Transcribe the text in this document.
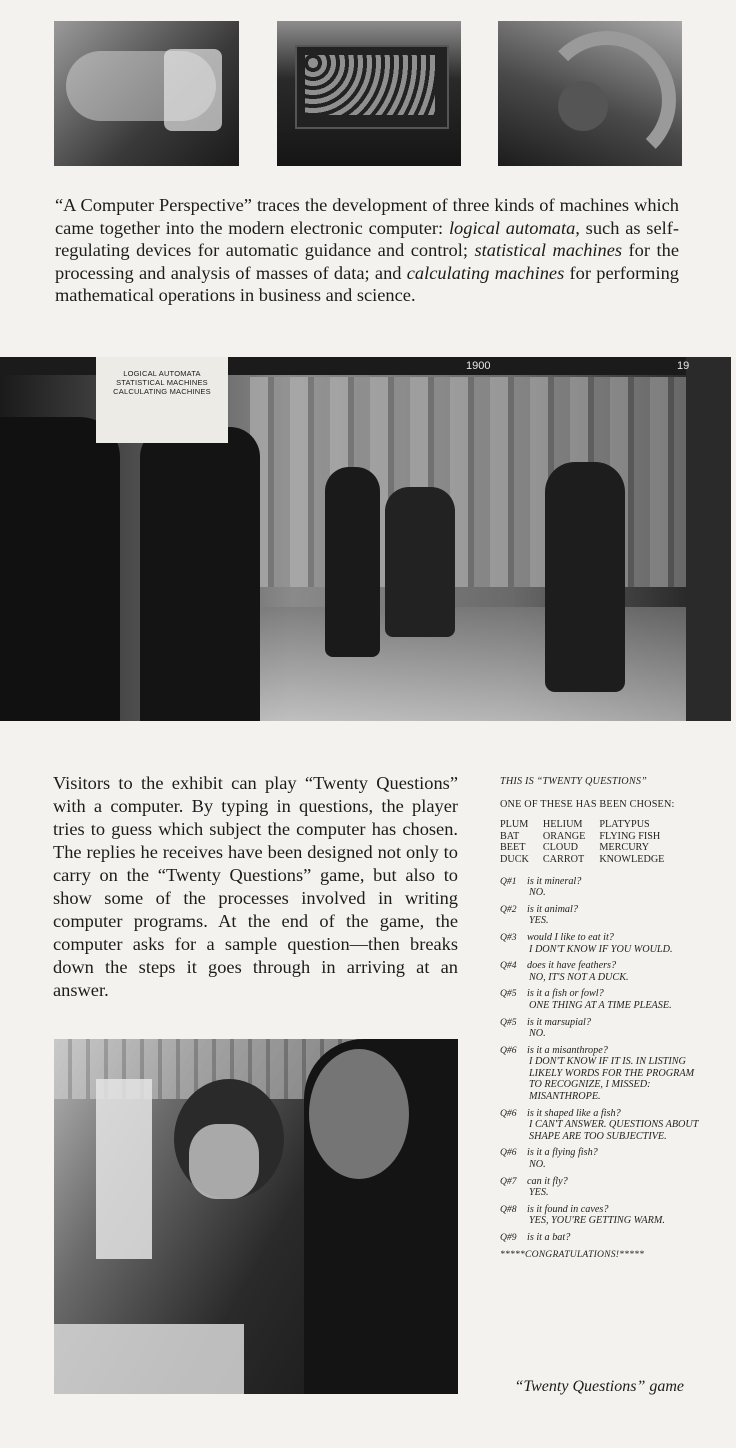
“A Computer Perspective” traces the development of three kinds of machines which came together into the modern electronic computer: logical automata, such as self-regulating devices for automatic guidance and control; statistical machines for the processing and analysis of masses of data; and calculating machines for performing mathematical operations in business and science.

LOGICAL AUTOMATA
STATISTICAL MACHINES
CALCULATING MACHINES
1900	19

Visitors to the exhibit can play “Twenty Questions” with a computer. By typing in questions, the player tries to guess which subject the computer has chosen. The replies he receives have been designed not only to carry on the “Twenty Questions” game, but also to show some of the processes involved in writing computer programs. At the end of the game, the computer asks for a sample question—then breaks down the steps it goes through in arriving at an answer.

THIS IS “TWENTY QUESTIONS”
ONE OF THESE HAS BEEN CHOSEN:
PLUM
BAT
BEET
DUCK
HELIUM
ORANGE
CLOUD
CARROT
PLATYPUS
FLYING FISH
MERCURY
KNOWLEDGE
Q#1 is it mineral?
NO.
Q#2 is it animal?
YES.
Q#3 would I like to eat it?
I DON'T KNOW IF YOU WOULD.
Q#4 does it have feathers?
NO, IT'S NOT A DUCK.
Q#5 is it a fish or fowl?
ONE THING AT A TIME PLEASE.
Q#5 is it marsupial?
NO.
Q#6 is it a misanthrope?
I DON'T KNOW IF IT IS. IN LISTING LIKELY WORDS FOR THE PROGRAM TO RECOGNIZE, I MISSED: MISANTHROPE.
Q#6 is it shaped like a fish?
I CAN'T ANSWER. QUESTIONS ABOUT SHAPE ARE TOO SUBJECTIVE.
Q#6 is it a flying fish?
NO.
Q#7 can it fly?
YES.
Q#8 is it found in caves?
YES, YOU'RE GETTING WARM.
Q#9 is it a bat?
*****CONGRATULATIONS!*****
“Twenty Questions” game
